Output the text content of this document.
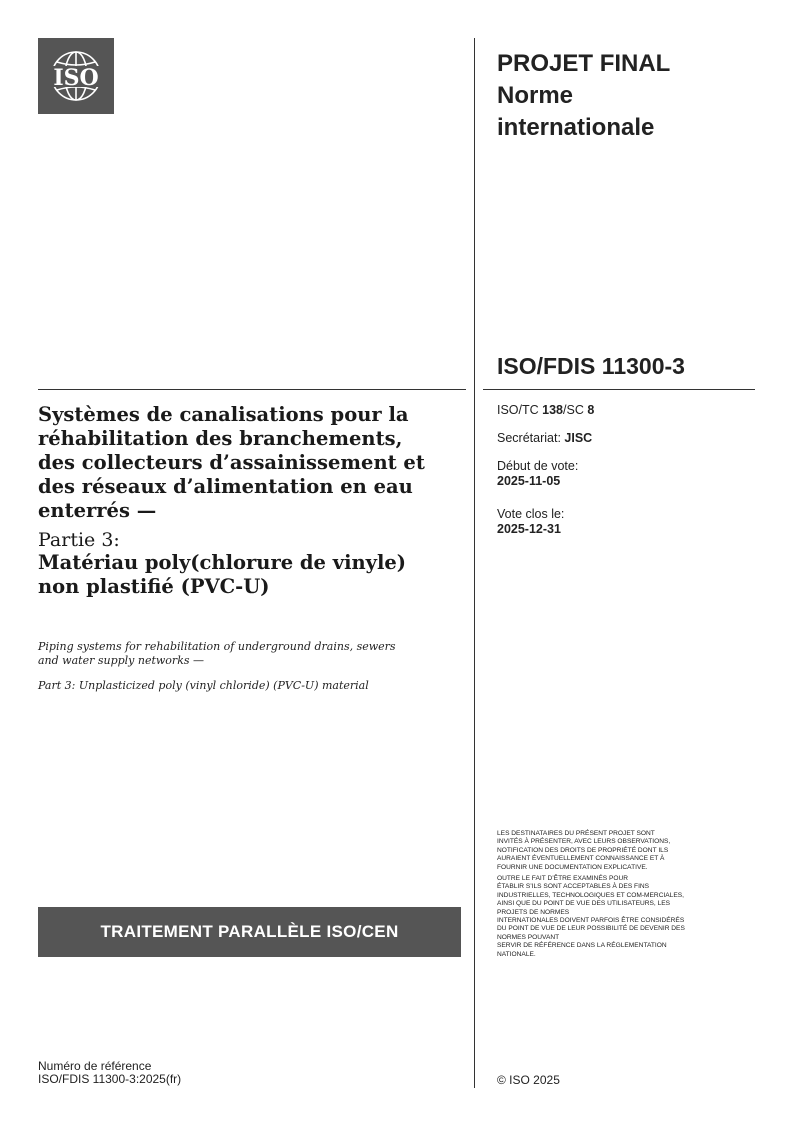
ISO
PROJET FINAL
Norme
internationale
ISO/FDIS 11300-3
ISO/TC 138/SC 8
Secrétariat: JISC
Début de vote:
2025-11-05
Vote clos le:
2025-12-31
Systèmes de canalisations pour la
réhabilitation des branchements,
des collecteurs d’assainissement et
des réseaux d’alimentation en eau
enterrés —
Partie 3:
Matériau poly(chlorure de vinyle)
non plastifié (PVC-U)
Piping systems for rehabilitation of underground drains, sewers
and water supply networks —
Part 3: Unplasticized poly (vinyl chloride) (PVC-U) material

LES DESTINATAIRES DU PRÉSENT PROJET SONT
INVITÉS À PRÉSENTER, AVEC LEURS OBSERVATIONS,
NOTIFICATION DES DROITS DE PROPRIÉTÉ DONT ILS
AURAIENT ÉVENTUELLEMENT CONNAISSANCE ET À
FOURNIR UNE DOCUMENTATION EXPLICATIVE.

OUTRE LE FAIT D’ÊTRE EXAMINÉS POUR
ÉTABLIR S’ILS SONT ACCEPTABLES À DES FINS
INDUSTRIELLES, TECHNOLOGIQUES ET COM-MERCIALES,
AINSI QUE DU POINT DE VUE DES UTILISATEURS, LES
PROJETS DE NORMES
INTERNATIONALES DOIVENT PARFOIS ÊTRE CONSIDÉRÉS
DU POINT DE VUE DE LEUR POSSIBILITÉ DE DEVENIR DES
NORMES POUVANT
SERVIR DE RÉFÉRENCE DANS LA RÉGLEMENTATION
NATIONALE.

TRAITEMENT PARALLÈLE ISO/CEN
Numéro de référence
ISO/FDIS 11300-3:2025(fr)	© ISO 2025
